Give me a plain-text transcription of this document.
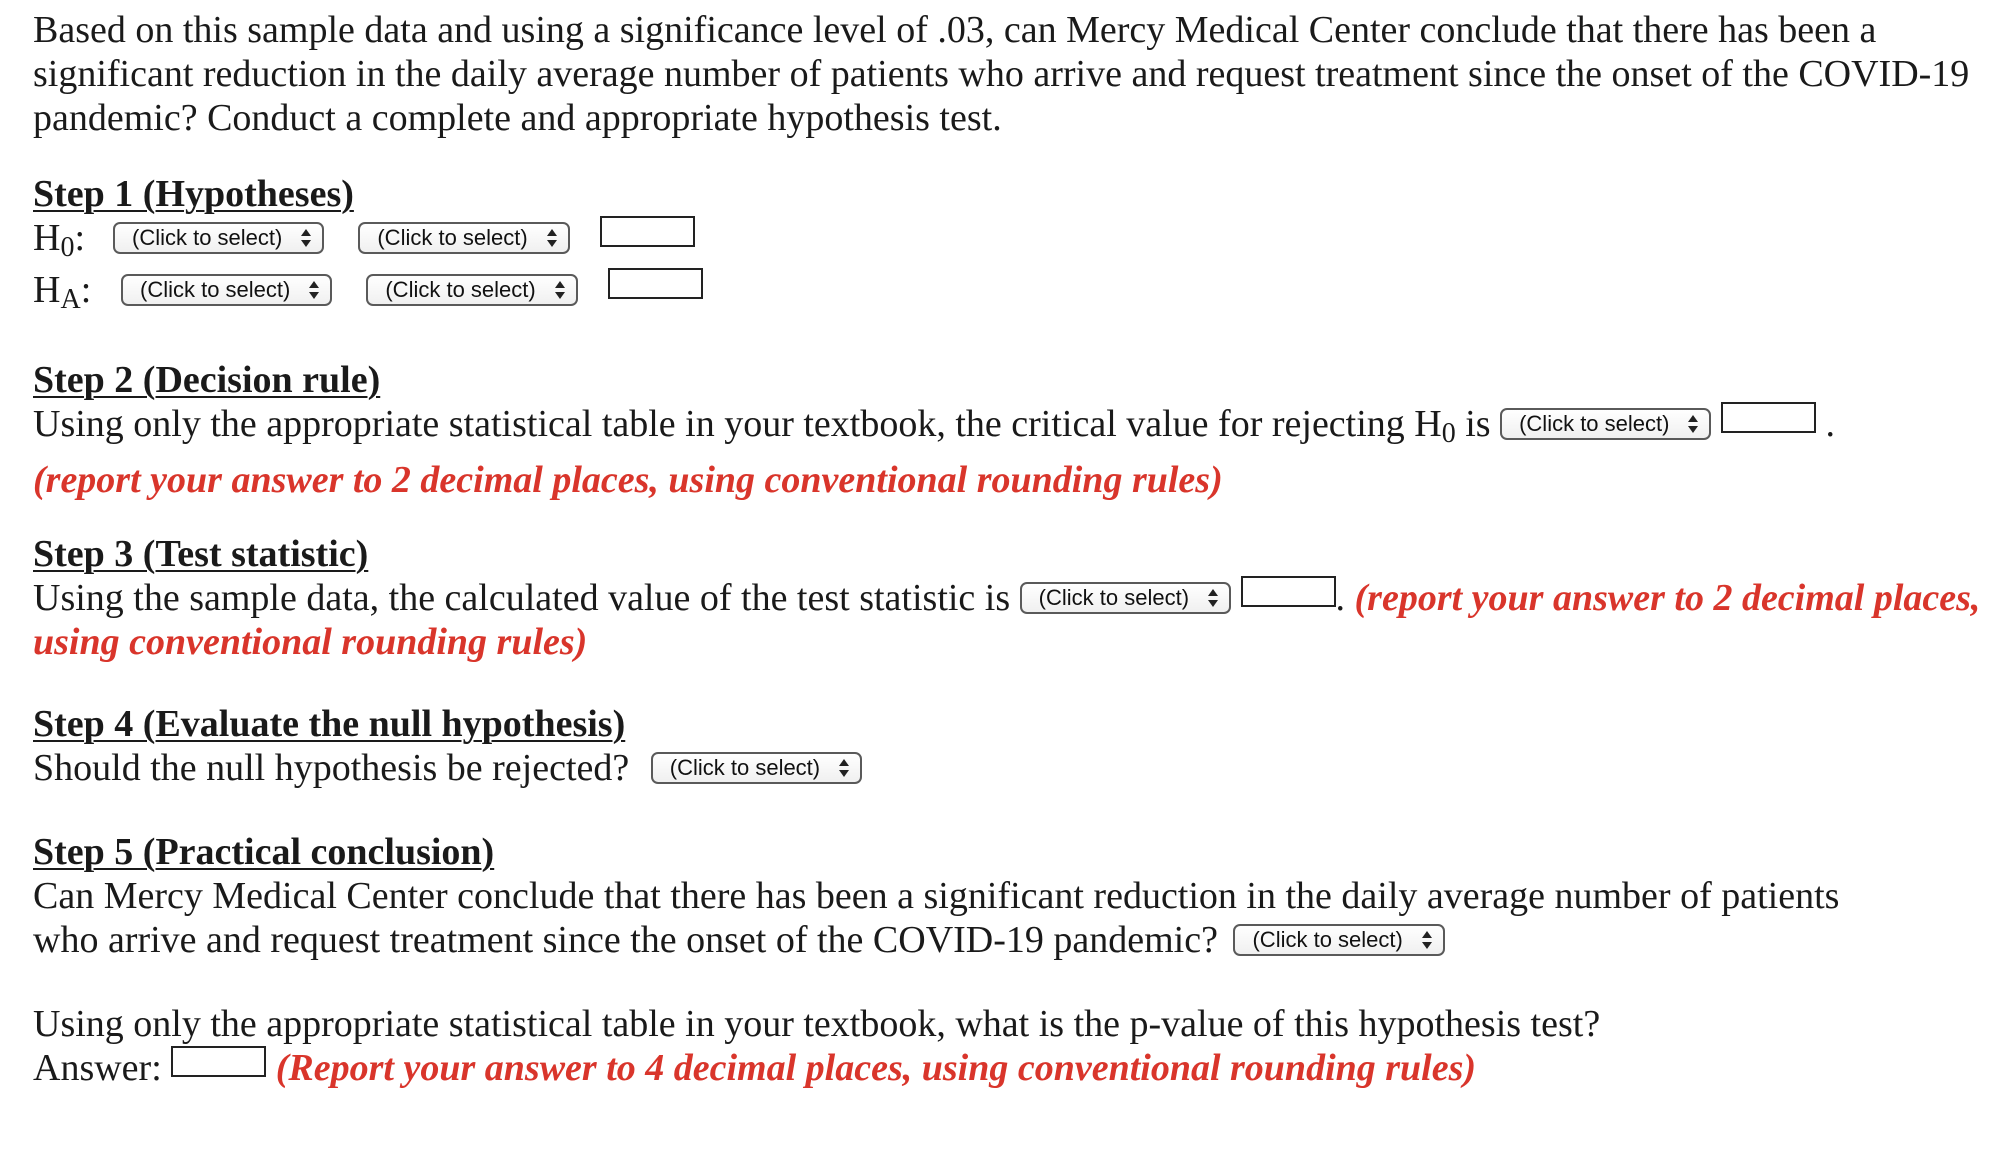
Based on this sample data and using a significance level of .03, can Mercy Medical Center conclude that there has been a significant reduction in the daily average number of patients who arrive and request treatment since the onset of the COVID-19 pandemic? Conduct a complete and appropriate hypothesis test.

Step 1 (Hypotheses)
H0: (Click to select)	(Click to select)
HA: (Click to select)	(Click to select)
Step 2 (Decision rule)
Using only the appropriate statistical table in your textbook, the critical value for rejecting H0 is (Click to select)	.
(report your answer to 2 decimal places, using conventional rounding rules)
Step 3 (Test statistic)
Using the sample data, the calculated value of the test statistic is (Click to select)	. (report your answer to 2 decimal places, using conventional rounding rules)
Step 4 (Evaluate the null hypothesis)
Should the null hypothesis be rejected? (Click to select)
Step 5 (Practical conclusion)
Can Mercy Medical Center conclude that there has been a significant reduction in the daily average number of patients who arrive and request treatment since the onset of the COVID-19 pandemic? (Click to select)
Using only the appropriate statistical table in your textbook, what is the p-value of this hypothesis test?
Answer:	(Report your answer to 4 decimal places, using conventional rounding rules)
